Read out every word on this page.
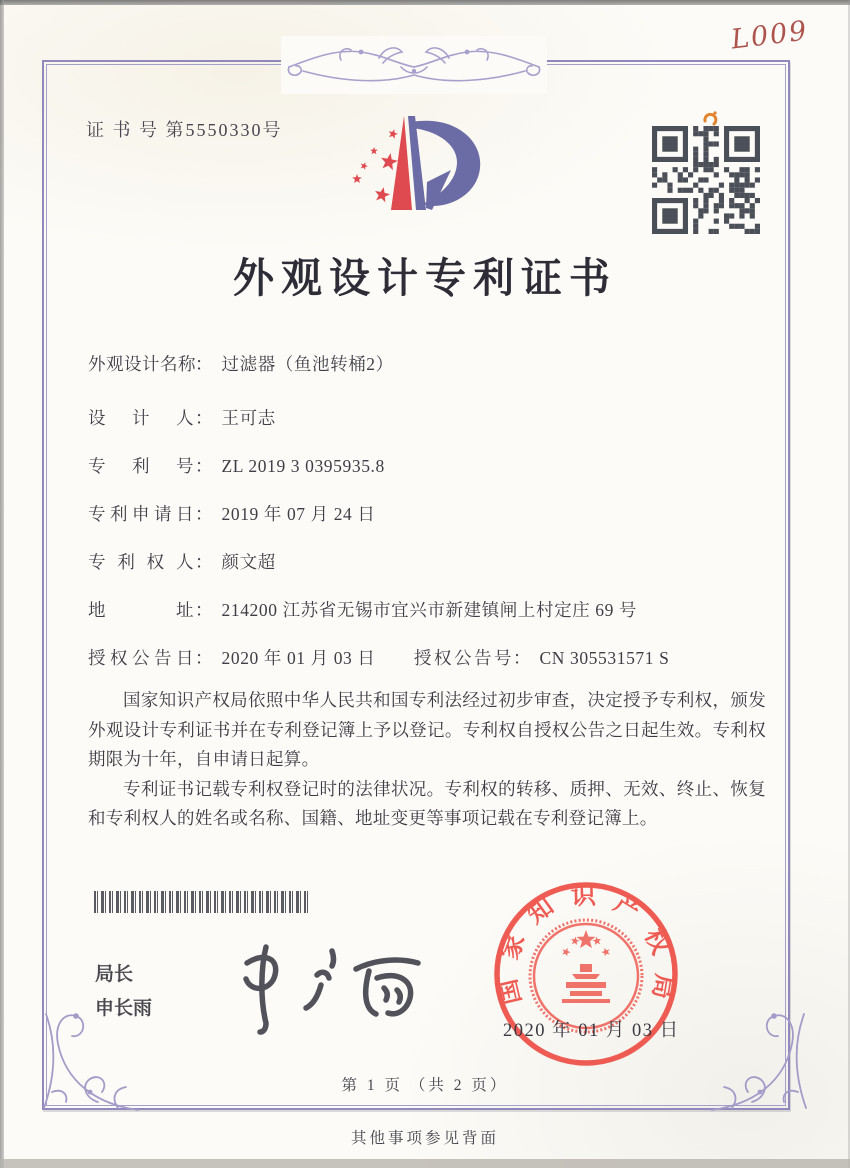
L009
证 书 号 第5550330号
外观设计专利证书
外观设计名称： 过滤器（鱼池转桶2）
设计人： 王可志
专利号： ZL 2019 3 0395935.8
专利申请日： 2019 年 07 月 24 日
专利权人： 颜文超
地址： 214200 江苏省无锡市宜兴市新建镇闸上村定庄 69 号
授权公告日： 2020 年 01 月 03 日 授权公告号： CN 305531571 S

国家知识产权局依照中华人民共和国专利法经过初步审查，决定授予专利权，颁发外观设计专利证书并在专利登记簿上予以登记。专利权自授权公告之日起生效。专利权期限为十年，自申请日起算。

专利证书记载专利权登记时的法律状况。专利权的转移、质押、无效、终止、恢复和专利权人的姓名或名称、国籍、地址变更等事项记载在专利登记簿上。

局长
申长雨
国家知识产权局
2020 年 01 月 03 日
第 1 页 （共 2 页）
其他事项参见背面
